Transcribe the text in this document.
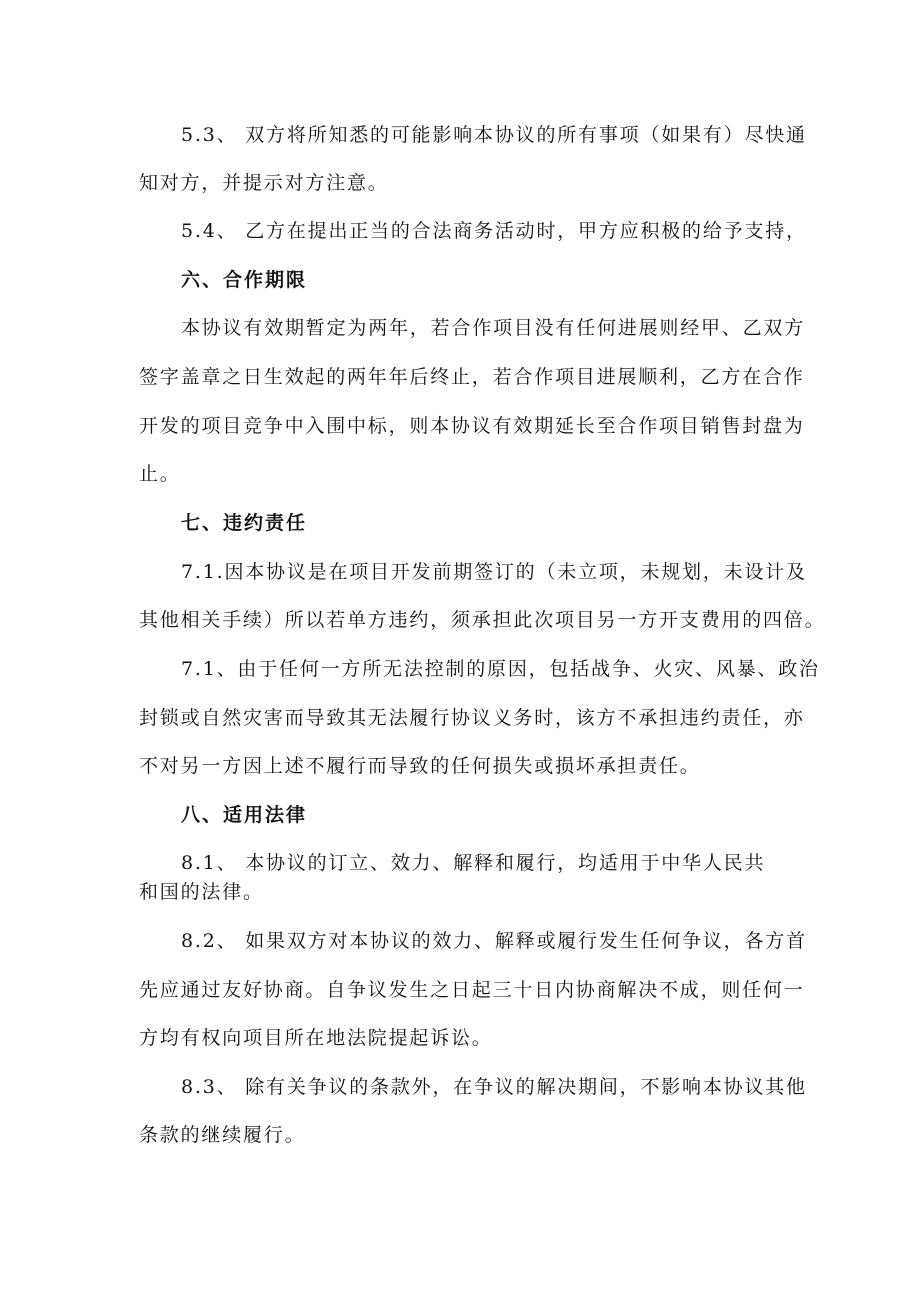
5.3、 双方将所知悉的可能影响本协议的所有事项（如果有）尽快通
知对方，并提示对方注意。
5.4、 乙方在提出正当的合法商务活动时，甲方应积极的给予支持，
六、合作期限
本协议有效期暂定为两年，若合作项目没有任何进展则经甲、乙双方
签字盖章之日生效起的两年年后终止，若合作项目进展顺利，乙方在合作
开发的项目竞争中入围中标，则本协议有效期延长至合作项目销售封盘为
止。
七、违约责任
7.1.因本协议是在项目开发前期签订的（未立项，未规划，未设计及
其他相关手续）所以若单方违约，须承担此次项目另一方开支费用的四倍。
7.1、由于任何一方所无法控制的原因，包括战争、火灾、风暴、政治
封锁或自然灾害而导致其无法履行协议义务时，该方不承担违约责任，亦
不对另一方因上述不履行而导致的任何损失或损坏承担责任。
八、适用法律
8.1、 本协议的订立、效力、解释和履行，均适用于中华人民共
和国的法律。
8.2、 如果双方对本协议的效力、解释或履行发生任何争议，各方首
先应通过友好协商。自争议发生之日起三十日内协商解决不成，则任何一
方均有权向项目所在地法院提起诉讼。
8.3、 除有关争议的条款外，在争议的解决期间，不影响本协议其他
条款的继续履行。
